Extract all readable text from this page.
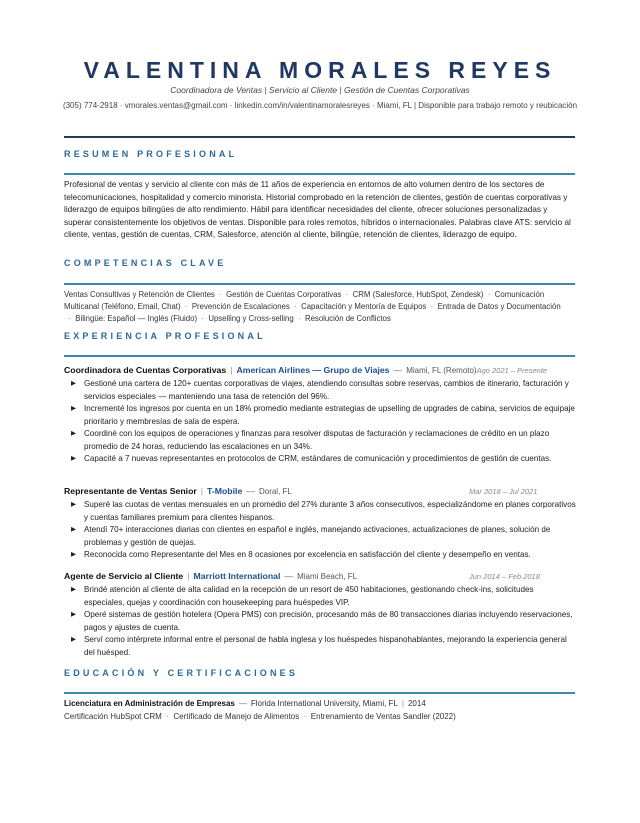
VALENTINA MORALES REYES
Coordinadora de Ventas | Servicio al Cliente | Gestión de Cuentas Corporativas
(305) 774-2918 · vmorales.ventas@gmail.com · linkedin.com/in/valentinamoralesreyes · Miami, FL | Disponible para trabajo remoto y reubicación
RESUMEN PROFESIONAL
Profesional de ventas y servicio al cliente con más de 11 años de experiencia en entornos de alto volumen dentro de los sectores de telecomunicaciones, hospitalidad y comercio minorista. Historial comprobado en la retención de clientes, gestión de cuentas corporativas y liderazgo de equipos bilingües de alto rendimiento. Hábil para identificar necesidades del cliente, ofrecer soluciones personalizadas y superar consistentemente los objetivos de ventas. Disponible para roles remotos, híbridos o internacionales. Palabras clave ATS: servicio al cliente, ventas, gestión de cuentas, CRM, Salesforce, atención al cliente, bilingüe, retención de clientes, liderazgo de equipo.
COMPETENCIAS CLAVE
Ventas Consultivas y Retención de Clientes  ·  Gestión de Cuentas Corporativas  ·  CRM (Salesforce, HubSpot, Zendesk)  ·  Comunicación Multicanal (Teléfono, Email, Chat)  ·  Prevención de Escalaciones  ·  Capacitación y Mentoría de Equipos  ·  Entrada de Datos y Documentación  ·  Bilingüe: Español — Inglés (Fluido)  ·  Upselling y Cross-selling  ·  Resolución de Conflictos
EXPERIENCIA PROFESIONAL
Coordinadora de Cuentas Corporativas | American Airlines — Grupo de Viajes — Miami, FL (Remoto)Ago 2021 – Presente
▶ Gestioné una cartera de 120+ cuentas corporativas de viajes, atendiendo consultas sobre reservas, cambios de itinerario, facturación y servicios especiales — manteniendo una tasa de retención del 96%.
▶ Incrementé los ingresos por cuenta en un 18% promedio mediante estrategias de upselling de upgrades de cabina, servicios de equipaje prioritario y membresías de sala de espera.
▶ Coordiné con los equipos de operaciones y finanzas para resolver disputas de facturación y reclamaciones de crédito en un plazo promedio de 24 horas, reduciendo las escalaciones en un 34%.
▶ Capacité a 7 nuevas representantes en protocolos de CRM, estándares de comunicación y procedimientos de gestión de cuentas.
Representante de Ventas Senior | T-Mobile — Doral, FL	Mar 2018 – Jul 2021
▶ Superé las cuotas de ventas mensuales en un promedio del 27% durante 3 años consecutivos, especializándome en planes corporativos y cuentas familiares premium para clientes hispanos.
▶ Atendí 70+ interacciones diarias con clientes en español e inglés, manejando activaciones, actualizaciones de planes, solución de problemas y gestión de quejas.
▶ Reconocida como Representante del Mes en 8 ocasiones por excelencia en satisfacción del cliente y desempeño en ventas.
Agente de Servicio al Cliente | Marriott International — Miami Beach, FL	Jun 2014 – Feb 2018
▶ Brindé atención al cliente de alta calidad en la recepción de un resort de 450 habitaciones, gestionando check-ins, solicitudes especiales, quejas y coordinación con housekeeping para huéspedes VIP.
▶ Operé sistemas de gestión hotelera (Opera PMS) con precisión, procesando más de 80 transacciones diarias incluyendo reservaciones, pagos y ajustes de cuenta.
▶ Serví como intérprete informal entre el personal de habla inglesa y los huéspedes hispanohablantes, mejorando la experiencia general del huésped.
EDUCACIÓN Y CERTIFICACIONES
Licenciatura en Administración de Empresas — Florida International University, Miami, FL | 2014
Certificación HubSpot CRM  ·  Certificado de Manejo de Alimentos  ·  Entrenamiento de Ventas Sandler (2022)
